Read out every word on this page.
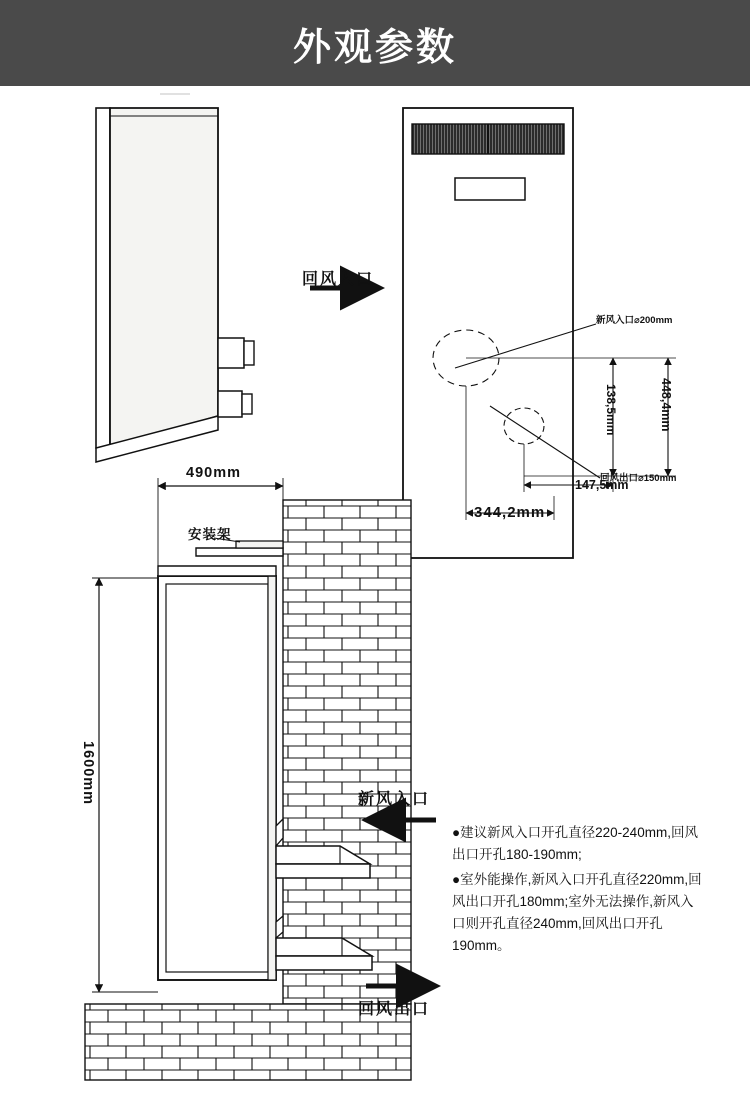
外观参数
回风入口
新风入口⌀200mm
回风出口⌀150mm
138,5mm	448,4mm
147,5mm
344,2mm
490mm
1600mm
安装架
新风入口
回风出口

●建议新风入口开孔直径220-240mm,回风出口开孔180-190mm;

●室外能操作,新风入口开孔直径220mm,回风出口开孔180mm;室外无法操作,新风入口则开孔直径240mm,回风出口开孔190mm。
